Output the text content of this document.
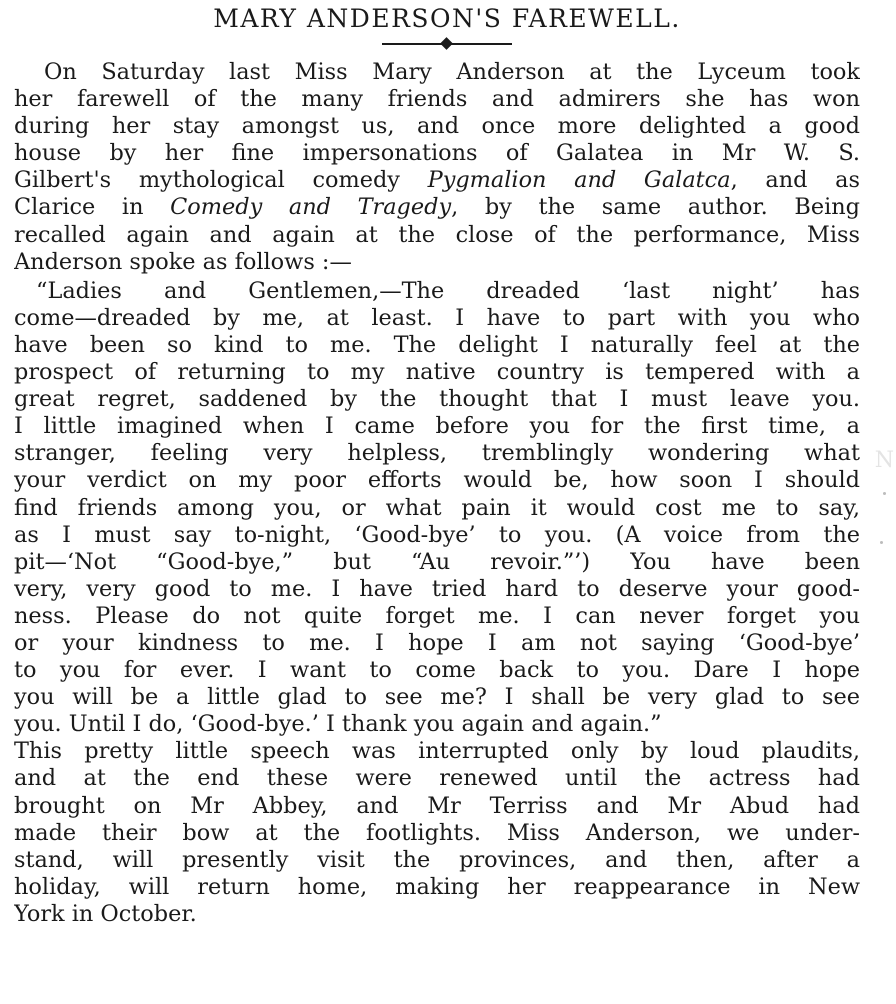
MARY ANDERSON'S FAREWELL.

On Saturday last Miss Mary Anderson at the Lyceum took
her farewell of the many friends and admirers she has won
during her stay amongst us, and once more delighted a good
house by her fine impersonations of Galatea in Mr W. S.
Gilbert's mythological comedy Pygmalion and Galatca, and as
Clarice in Comedy and Tragedy, by the same author. Being
recalled again and again at the close of the performance, Miss
Anderson spoke as follows :—

“Ladies and Gentlemen,—The dreaded ‘last night’ has
come—dreaded by me, at least. I have to part with you who
have been so kind to me. The delight I naturally feel at the
prospect of returning to my native country is tempered with a
great regret, saddened by the thought that I must leave you.
I little imagined when I came before you for the first time, a
stranger, feeling very helpless, tremblingly wondering what
your verdict on my poor efforts would be, how soon I should
find friends among you, or what pain it would cost me to say,
as I must say to-night, ‘Good-bye’ to you. (A voice from the
pit—‘Not “Good-bye,” but “Au revoir.”’) You have been
very, very good to me. I have tried hard to deserve your good-
ness. Please do not quite forget me. I can never forget you
or your kindness to me. I hope I am not saying ‘Good-bye’
to you for ever. I want to come back to you. Dare I hope
you will be a little glad to see me? I shall be very glad to see
you. Until I do, ‘Good-bye.’ I thank you again and again.”

This pretty little speech was interrupted only by loud plaudits,
and at the end these were renewed until the actress had
brought on Mr Abbey, and Mr Terriss and Mr Abud had
made their bow at the footlights. Miss Anderson, we under-
stand, will presently visit the provinces, and then, after a
holiday, will return home, making her reappearance in New
York in October.

N
